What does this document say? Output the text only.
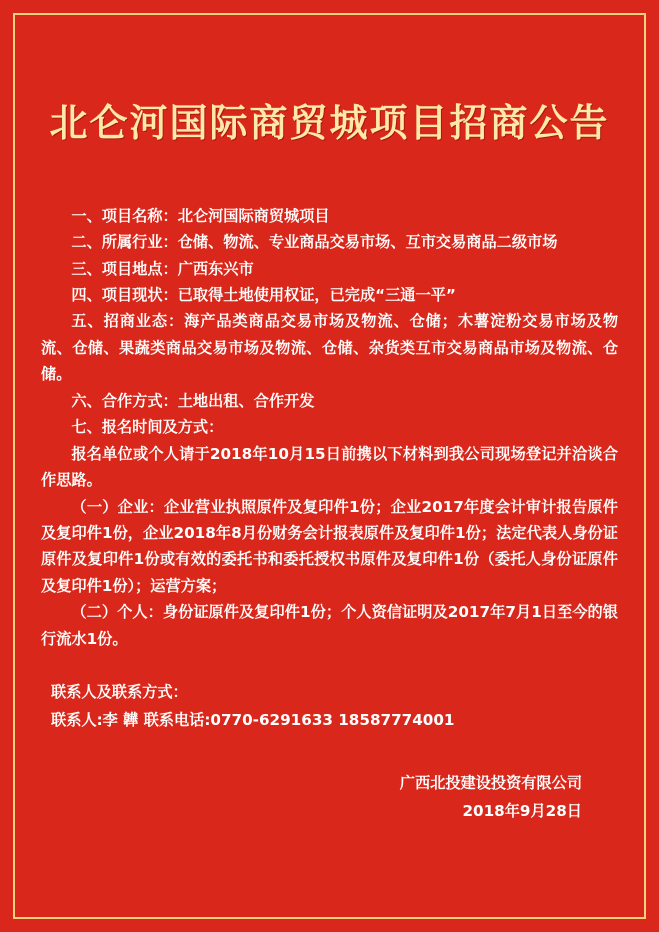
北仑河国际商贸城项目招商公告

一、项目名称：北仑河国际商贸城项目

二、所属行业：仓储、物流、专业商品交易市场、互市交易商品二级市场

三、项目地点：广西东兴市

四、项目现状：已取得土地使用权证，已完成“三通一平”

五、招商业态：海产品类商品交易市场及物流、仓储；木薯淀粉交易市场及物流、仓储、果蔬类商品交易市场及物流、仓储、杂货类互市交易商品市场及物流、仓储。

六、合作方式：土地出租、合作开发

七、报名时间及方式：

报名单位或个人请于2018年10月15日前携以下材料到我公司现场登记并洽谈合作思路。

（一）企业：企业营业执照原件及复印件1份；企业2017年度会计审计报告原件及复印件1份，企业2018年8月份财务会计报表原件及复印件1份；法定代表人身份证原件及复印件1份或有效的委托书和委托授权书原件及复印件1份（委托人身份证原件及复印件1份）；运营方案；

（二）个人：身份证原件及复印件1份；个人资信证明及2017年7月1日至今的银行流水1份。

联系人及联系方式：

联系人:李 韡 联系电话:0770-6291633 18587774001

广西北投建设投资有限公司

2018年9月28日
